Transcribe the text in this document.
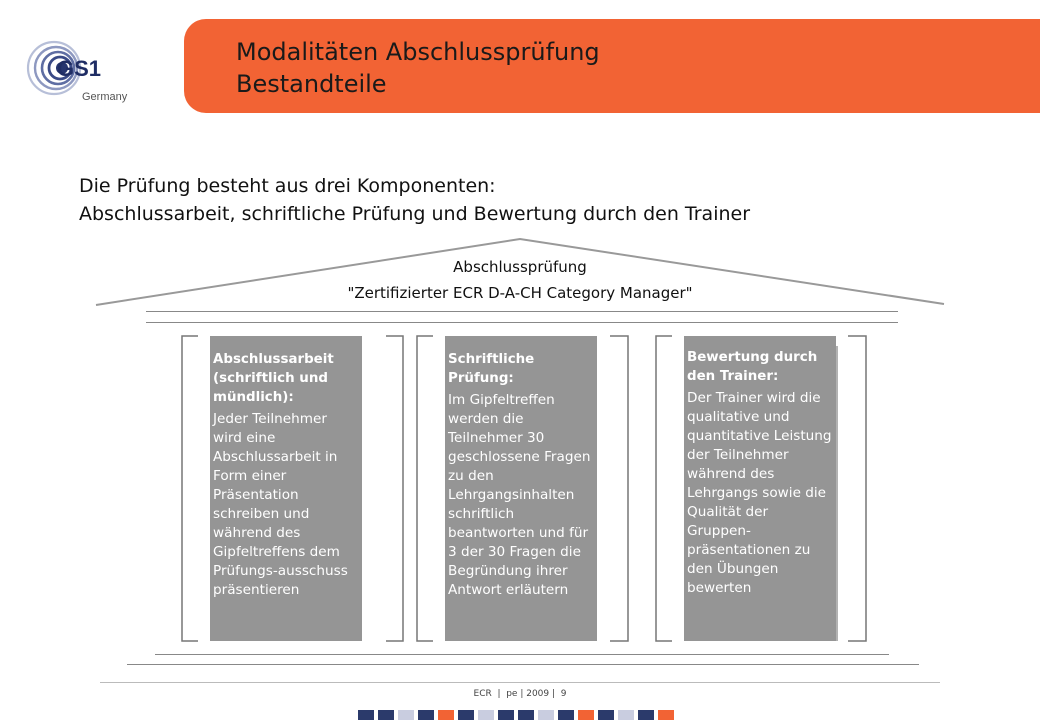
GS1
Germany
Modalitäten Abschlussprüfung
Bestandteile
Die Prüfung besteht aus drei Komponenten:
Abschlussarbeit, schriftliche Prüfung und Bewertung durch den Trainer
Abschlussprüfung
"Zertifizierter ECR D-A-CH Category Manager"
Abschlussarbeit (schriftlich und mündlich):
Jeder Teilnehmer wird eine Abschlussarbeit in Form einer Präsentation schreiben und während des Gipfeltreffens dem Prüfungs-ausschuss präsentieren
Schriftliche Prüfung:
Im Gipfeltreffen werden die Teilnehmer 30 geschlossene Fragen zu den Lehrgangsinhalten schriftlich beantworten und für 3 der 30 Fragen die Begründung ihrer Antwort erläutern
Bewertung durch den Trainer:
Der Trainer wird die qualitative und quantitative Leistung der Teilnehmer während des Lehrgangs sowie die Qualität der Gruppen-präsentationen zu den Übungen bewerten
ECR  |  pe | 2009 |  9
